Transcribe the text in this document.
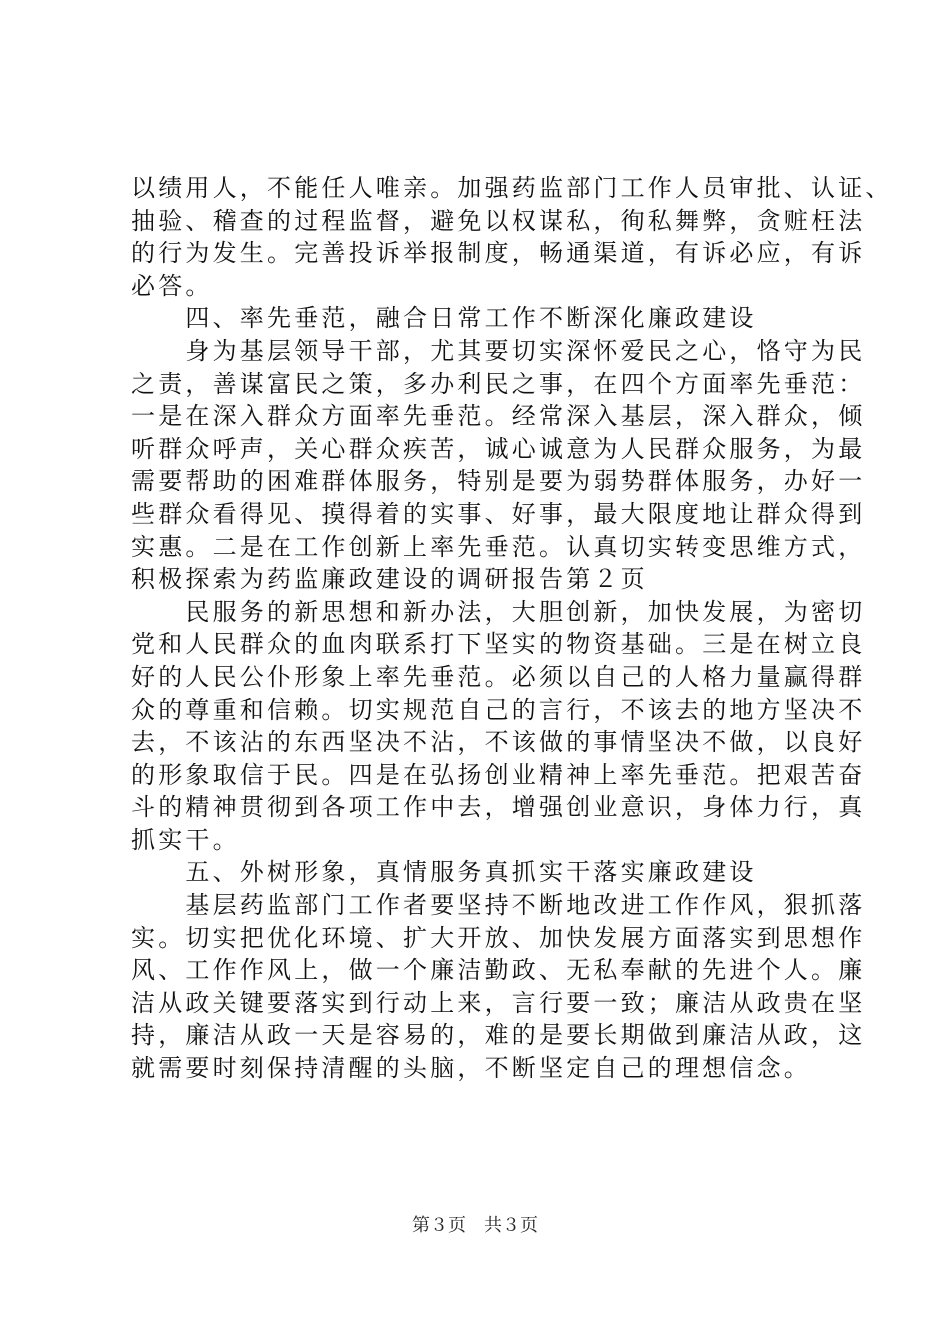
以绩用人，不能任人唯亲。加强药监部门工作人员审批、认证、
抽验、稽查的过程监督，避免以权谋私，徇私舞弊，贪赃枉法
的行为发生。完善投诉举报制度，畅通渠道，有诉必应，有诉
必答。
　　四、率先垂范，融合日常工作不断深化廉政建设
　　身为基层领导干部，尤其要切实深怀爱民之心，恪守为民
之责，善谋富民之策，多办利民之事，在四个方面率先垂范：
一是在深入群众方面率先垂范。经常深入基层，深入群众，倾
听群众呼声，关心群众疾苦，诚心诚意为人民群众服务，为最
需要帮助的困难群体服务，特别是要为弱势群体服务，办好一
些群众看得见、摸得着的实事、好事，最大限度地让群众得到
实惠。二是在工作创新上率先垂范。认真切实转变思维方式，
积极探索为药监廉政建设的调研报告第２页
　　民服务的新思想和新办法，大胆创新，加快发展，为密切
党和人民群众的血肉联系打下坚实的物资基础。三是在树立良
好的人民公仆形象上率先垂范。必须以自己的人格力量赢得群
众的尊重和信赖。切实规范自己的言行，不该去的地方坚决不
去，不该沾的东西坚决不沾，不该做的事情坚决不做，以良好
的形象取信于民。四是在弘扬创业精神上率先垂范。把艰苦奋
斗的精神贯彻到各项工作中去，增强创业意识，身体力行，真
抓实干。
　　五、外树形象，真情服务真抓实干落实廉政建设
　　基层药监部门工作者要坚持不断地改进工作作风，狠抓落
实。切实把优化环境、扩大开放、加快发展方面落实到思想作
风、工作作风上，做一个廉洁勤政、无私奉献的先进个人。廉
洁从政关键要落实到行动上来，言行要一致；廉洁从政贵在坚
持，廉洁从政一天是容易的，难的是要长期做到廉洁从政，这
就需要时刻保持清醒的头脑，不断坚定自己的理想信念。
第３页　共３页
